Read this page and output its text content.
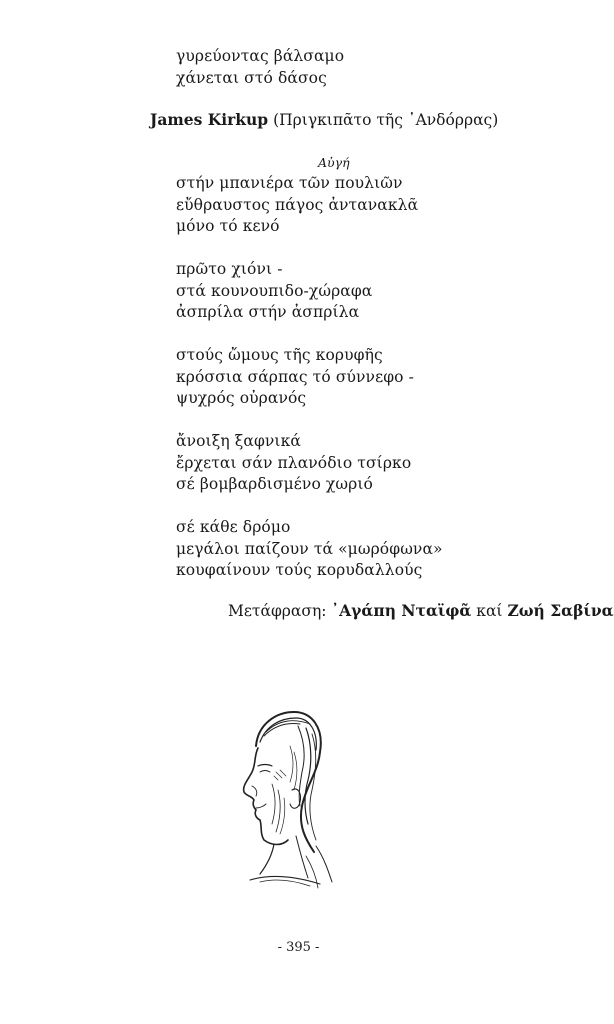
γυρεύοντας βάλσαμο
χάνεται στό δάσος
James Kirkup (Πριγκιπᾶτο τῆς ᾿Ανδόρρας)
Αὐγή
στήν μπανιέρα τῶν πουλιῶν
εὔθραυστος πάγος ἀντανακλᾶ
μόνο τό κενό
πρῶτο χιόνι -
στά κουνουπιδο-χώραφα
ἀσπρίλα στήν ἀσπρίλα
στούς ὤμους τῆς κορυφῆς
κρόσσια σάρπας τό σύννεφο -
ψυχρός οὐρανός
ἄνοιξη ξαφνικά
ἔρχεται σάν πλανόδιο τσίρκο
σέ βομβαρδισμένο χωριό
σέ κάθε δρόμο
μεγάλοι παίζουν τά «μωρόφωνα»
κουφαίνουν τούς κορυδαλλούς
Μετάφραση: ᾿Αγάπη Νταϊφᾶ καί Ζωή Σαβίνα
- 395 -
